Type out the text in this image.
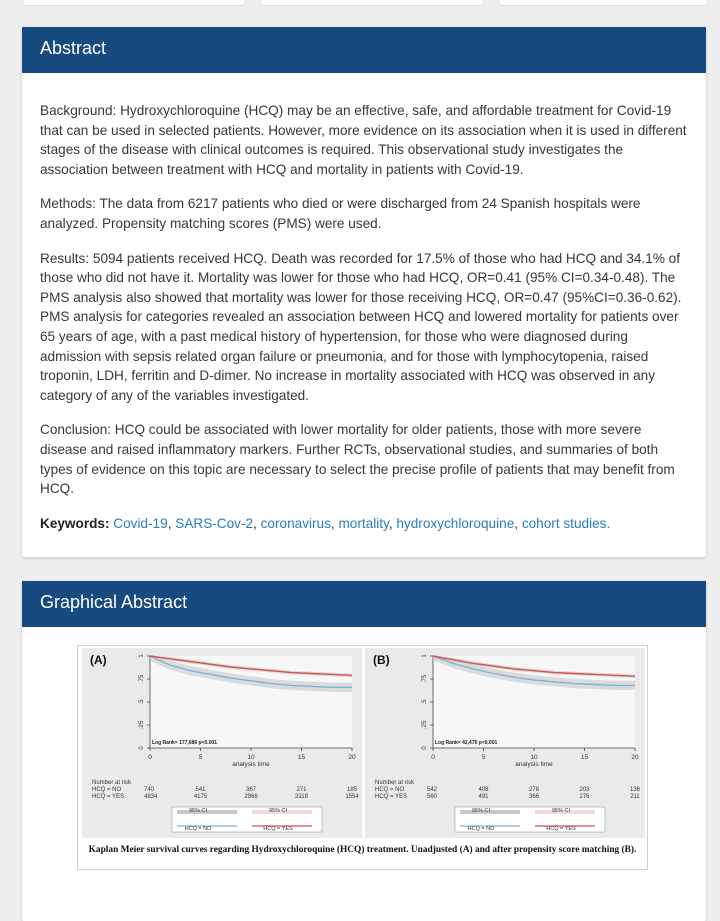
Abstract

Background: Hydroxychloroquine (HCQ) may be an effective, safe, and affordable treatment for Covid-19 that can be used in selected patients. However, more evidence on its association when it is used in different stages of the disease with clinical outcomes is required. This observational study investigates the association between treatment with HCQ and mortality in patients with Covid-19.

Methods: The data from 6217 patients who died or were discharged from 24 Spanish hospitals were analyzed. Propensity matching scores (PMS) were used.

Results: 5094 patients received HCQ. Death was recorded for 17.5% of those who had HCQ and 34.1% of those who did not have it. Mortality was lower for those who had HCQ, OR=0.41 (95% CI=0.34-0.48). The PMS analysis also showed that mortality was lower for those receiving HCQ, OR=0.47 (95%CI=0.36-0.62). PMS analysis for categories revealed an association between HCQ and lowered mortality for patients over 65 years of age, with a past medical history of hypertension, for those who were diagnosed during admission with sepsis related organ failure or pneumonia, and for those with lymphocytopenia, raised troponin, LDH, ferritin and D-dimer. No increase in mortality associated with HCQ was observed in any category of any of the variables investigated.

Conclusion: HCQ could be associated with lower mortality for older patients, those with more severe disease and raised inflammatory markers. Further RCTs, observational studies, and summaries of both types of evidence on this topic are necessary to select the precise profile of patients that may benefit from HCQ.

Keywords: Covid-19, SARS-Cov-2, coronavirus, mortality, hydroxychloroquine, cohort studies.
Graphical Abstract
(A)
0
.25
.5
.75
1
0	5	10	15	20
analysis time
Log Rank= 177,686 p<0.001
Number at risk
HCQ = NO	740	541	367	271	185
HCQ = YES	4834	4175	2966	2118	1554
95% CI	95% CI
HCQ = NO	HCQ = YES
(B)
0
.25
.5
.75
1
0	5	10	15	20
analysis time
Log Rank= 42,470 p<0.001
Number at risk
HCQ = NO	542	408	278	203	136
HCQ = YES	560	491	366	276	211
95% CI	95% CI
HCQ = NO	HCQ = YES
Kaplan Meier survival curves regarding Hydroxychloroquine (HCQ) treatment. Unadjusted (A) and after propensity score matching (B).
